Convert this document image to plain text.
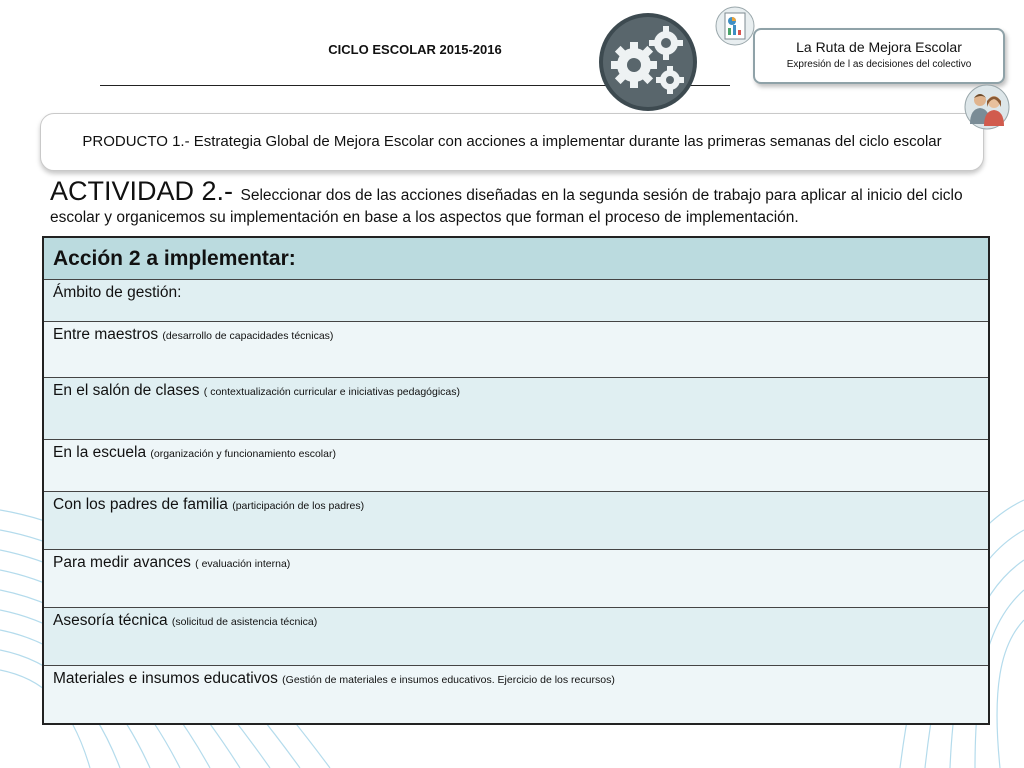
CICLO ESCOLAR 2015-2016	La Ruta de Mejora Escolar
Expresión de l as decisiones del colectivo
PRODUCTO 1.- Estrategia Global de Mejora Escolar con acciones a implementar durante las primeras semanas del ciclo escolar
ACTIVIDAD 2.- Seleccionar dos de las acciones diseñadas en la segunda sesión de trabajo para aplicar al inicio del ciclo escolar y organicemos su implementación en base a los aspectos que forman el proceso de implementación.
Acción 2 a implementar:
Ámbito de gestión:
Entre maestros (desarrollo de capacidades técnicas)
En el salón de clases ( contextualización curricular e iniciativas pedagógicas)
En la escuela (organización y funcionamiento escolar)
Con los padres de familia (participación de los padres)
Para medir avances ( evaluación interna)
Asesoría técnica (solicitud de asistencia técnica)
Materiales e insumos educativos (Gestión de materiales e insumos educativos. Ejercicio de los recursos)
